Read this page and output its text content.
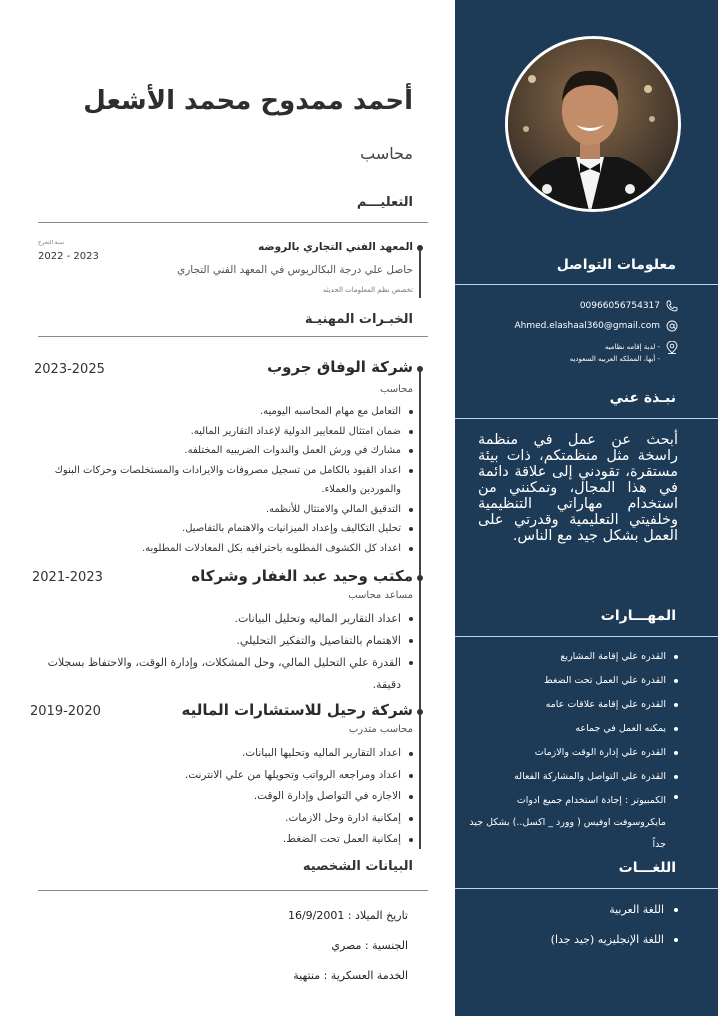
معلومات التواصل
00966056754317
Ahmed.elashaal360@gmail.com
- لدية إقامه نظاميه
- أبها، المملكه العربيه السعوديه
نبـذة عني

أبحث عن عمل في منظمة راسخة مثل منظمتكم، ذات بيئة مستقرة، تقودني إلى علاقة دائمة في هذا المجال، وتمكنني من استخدام مهاراتي التنظيمية وخلفيتي التعليمية وقدرتي على العمل بشكل جيد مع الناس.

المهـــارات
القدره علي إقامة المشاريع
القدرة علي العمل تحت الضغط
القدره علي إقامة علاقات عامه
يمكنه العمل في جماعه
القدره علي إدارة الوقت والازمات
القدرة علي التواصل والمشاركة الفعاله
الكمبيوتر : إجادة استخدام جميع ادوات مايكروسوفت اوفيس ( وورد _ اكسل..) بشكل جيد جداً
اللغـــات
اللغة العربية
اللغة الإنجليزيه (جيد جدا)
أحمد ممدوح محمد الأشعل
محاسب
التعليـــم
المعهد الفني التجاري بالروضه
حاصل علي درجة البكالريوس في المعهد الفني التجاري
تخصص نظم المعلومات الحديثه
سنة التخرج
2022 - 2023
الخبـرات المهنيـة
شركة الوفاق جروب
2023-2025
محاسب
التعامل مع مهام المحاسبه اليوميه.
ضمان امتثال للمعايير الدولية لإعداد التقارير الماليه.
مشارك في ورش العمل والندوات الضريبيه المختلفه.
اعداد القيود بالكامل من تسجيل مصروفات والايرادات والمستخلصات وحركات البنوك والموردين والعملاء.
التدقيق المالي والامتثال للأنظمه.
تحليل التكاليف وإعداد الميزانيات والاهتمام بالتفاصيل.
اعداد كل الكشوف المطلوبه باحترافيه بكل المعادلات المطلوبه.
مكتب وحيد عبد الغفار وشركاه
2021-2023
مساعد محاسب
اعداد التقارير الماليه وتحليل البيانات.
الاهتمام بالتفاصيل والتفكير التحليلي.
القدرة علي التحليل المالي، وحل المشكلات، وإدارة الوقت، والاحتفاظ بسجلات دقيقة.
شركة رحيل للاستشارات الماليه
2019-2020
محاسب متدرب
اعداد التقارير الماليه وتحليها البيانات.
اعداد ومراجعه الرواتب وتحويلها من علي الانترنت.
الاجازه في التواصل وإدارة الوقت.
إمكانية ادارة وحل الازمات.
إمكانية العمل تحت الضغط.
البيانات الشخصيه
تاريخ الميلاد : 16/9/2001
الجنسية : مصري
الخدمة العسكرية : منتهية
